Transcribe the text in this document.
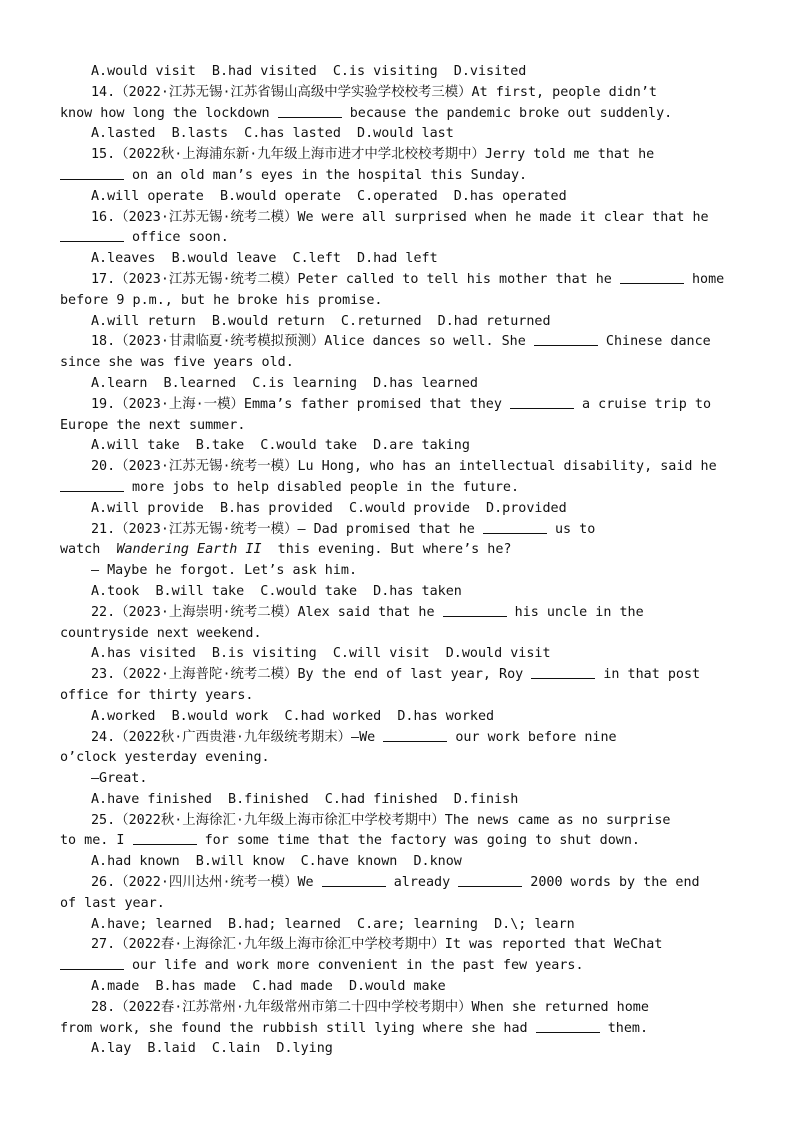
A.would visit  B.had visited  C.is visiting  D.visited
14.（2022·江苏无锡·江苏省锡山高级中学实验学校校考三模）At first, people didn’t
know how long the lockdown	because the pandemic broke out suddenly.
A.lasted  B.lasts  C.has lasted  D.would last
15.（2022秋·上海浦东新·九年级上海市进才中学北校校考期中）Jerry told me that he
on an old man’s eyes in the hospital this Sunday.
A.will operate  B.would operate  C.operated  D.has operated
16.（2023·江苏无锡·统考二模）We were all surprised when he made it clear that he
office soon.
A.leaves  B.would leave  C.left  D.had left
17.（2023·江苏无锡·统考二模）Peter called to tell his mother that he	home
before 9 p.m., but he broke his promise.
A.will return  B.would return  C.returned  D.had returned
18.（2023·甘肃临夏·统考模拟预测）Alice dances so well. She	Chinese dance
since she was five years old.
A.learn  B.learned  C.is learning  D.has learned
19.（2023·上海·一模）Emma’s father promised that they	a cruise trip to
Europe the next summer.
A.will take  B.take  C.would take  D.are taking
20.（2023·江苏无锡·统考一模）Lu Hong, who has an intellectual disability, said he
more jobs to help disabled people in the future.
A.will provide  B.has provided  C.would provide  D.provided
21.（2023·江苏无锡·统考一模）— Dad promised that he	us to
watch  Wandering Earth II  this evening. But where’s he?
— Maybe he forgot. Let’s ask him.
A.took  B.will take  C.would take  D.has taken
22.（2023·上海崇明·统考二模）Alex said that he	his uncle in the
countryside next weekend.
A.has visited  B.is visiting  C.will visit  D.would visit
23.（2022·上海普陀·统考二模）By the end of last year, Roy	in that post
office for thirty years.
A.worked  B.would work  C.had worked  D.has worked
24.（2022秋·广西贵港·九年级统考期末）—We	our work before nine
o’clock yesterday evening.
—Great.
A.have finished  B.finished  C.had finished  D.finish
25.（2022秋·上海徐汇·九年级上海市徐汇中学校考期中）The news came as no surprise
to me. I	for some time that the factory was going to shut down.
A.had known  B.will know  C.have known  D.know
26.（2022·四川达州·统考一模）We	already	2000 words by the end
of last year.
A.have; learned  B.had; learned  C.are; learning  D.\; learn
27.（2022春·上海徐汇·九年级上海市徐汇中学校考期中）It was reported that WeChat
our life and work more convenient in the past few years.
A.made  B.has made  C.had made  D.would make
28.（2022春·江苏常州·九年级常州市第二十四中学校考期中）When she returned home
from work, she found the rubbish still lying where she had	them.
A.lay  B.laid  C.lain  D.lying
